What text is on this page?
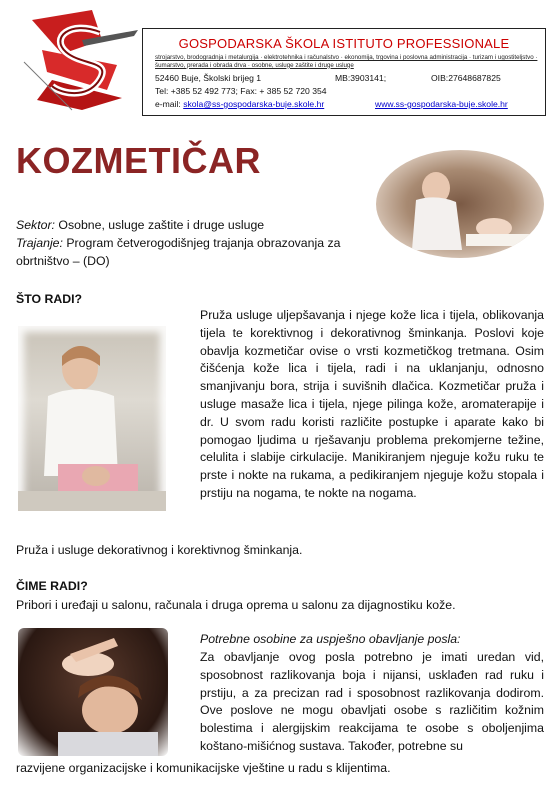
GOSPODARSKA ŠKOLA ISTITUTO PROFESSIONALE
strojarstvo, brodogradnja i metalurgija · elektrotehnika i računalstvo · ekonomija, trgovina i poslovna administracija · turizam i ugostiteljstvo · šumarstvo, prerada i obrada drva · osobne, usluge zaštite i druge usluge
52460 Buje, Školski brijeg 1	MB:3903141;	OIB:27648687825
Tel: +385 52 492 773; Fax: + 385 52 720 354
e-mail: skola@ss-gospodarska-buje.skole.hr	www.ss-gospodarska-buje.skole.hr
KOZMETIČAR
Sektor: Osobne, usluge zaštite i druge usluge
Trajanje: Program četverogodišnjeg trajanja obrazovanja za obrtništvo – (DO)
ŠTO RADI?
Pruža usluge uljepšavanja i njege kože lica i tijela, oblikovanja tijela te korektivnog i dekorativnog šminkanja. Poslovi koje obavlja kozmetičar ovise o vrsti kozmetičkog tretmana. Osim čišćenja kože lica i tijela, radi i na uklanjanju, odnosno smanjivanju bora, strija i suvišnih dlačica. Kozmetičar pruža i usluge masaže lica i tijela, njege pilinga kože, aromaterapije i dr. U svom radu koristi različite postupke i aparate kako bi pomogao ljudima u rješavanju problema prekomjerne težine, celulita i slabije cirkulacije. Manikiranjem njeguje kožu ruku te prste i nokte na rukama, a pedikiranjem njeguje kožu stopala i prstiju na nogama, te nokte na nogama.
Pruža i usluge dekorativnog i korektivnog šminkanja.
ČIME RADI?
Pribori i uređaji u salonu, računala i druga oprema u salonu za dijagnostiku kože.
Potrebne osobine za uspješno obavljanje posla:
Za obavljanje ovog posla potrebno je imati uredan vid, sposobnost razlikovanja boja i nijansi, usklađen rad ruku i prstiju, a za precizan rad i sposobnost razlikovanja dodirom. Ove poslove ne mogu obavljati osobe s različitim kožnim bolestima i alergijskim reakcijama te osobe s oboljenjima koštano-mišićnog sustava. Također, potrebne su
razvijene organizacijske i komunikacijske vještine u radu s klijentima.
